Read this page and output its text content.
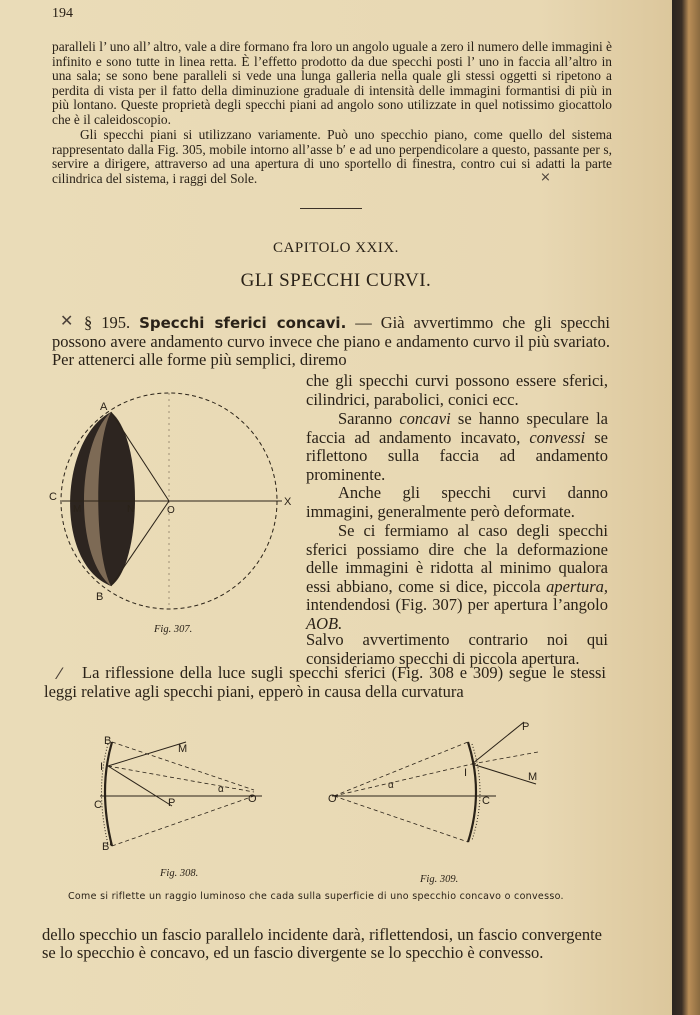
194

paralleli l’ uno all’ altro, vale a dire formano fra loro un angolo uguale a zero il numero delle immagini è infinito e sono tutte in linea retta. È l’effetto prodotto da due specchi posti l’ uno in faccia all’altro in una sala; se sono bene paralleli si vede una lunga galleria nella quale gli stessi oggetti si ripetono a perdita di vista per il fatto della diminuzione graduale di intensità delle immagini formantisi di più in più lontano. Queste proprietà degli specchi piani ad angolo sono utilizzate in quel notissimo giocattolo che è il caleidoscopio.

Gli specchi piani si utilizzano variamente. Può uno specchio piano, come quello del sistema rappresentato dalla Fig. 305, mobile intorno all’asse b′ e ad uno perpendicolare a questo, passante per s, servire a dirigere, attraverso ad una apertura di uno sportello di finestra, contro cui si adatti la parte cilindrica del sistema, i raggi del Sole.	⨯
CAPITOLO XXIX.
GLI SPECCHI CURVI.
✕ § 195. Specchi sferici concavi. — Già avvertimmo che gli specchi possono avere andamento curvo invece che piano e andamento curvo il più svariato. Per attenerci alle forme più semplici, diremo

che gli specchi curvi possono essere sferici, cilindrici, parabolici, conici ecc.

Saranno concavi se hanno speculare la faccia ad andamento incavato, convessi se riflettono sulla faccia ad andamento prominente.

Anche gli specchi curvi danno immagini, generalmente però deformate.

Se ci fermiamo al caso degli specchi sferici possiamo dire che la deformazione delle immagini è ridotta al minimo qualora essi abbiano, come si dice, piccola apertura, intendendosi (Fig. 307) per apertura l’angolo AOB.

Salvo avvertimento contrario noi qui consideriamo specchi di piccola apertura.

⁄	La riflessione della luce sugli specchi sferici (Fig. 308 e 309) segue le stessi leggi relative agli specchi piani, epperò in causa della curvatura

A
B
C
M	N	O
X
Fig. 307.
B
I
M
C	P
α
O
B′
Fig. 308.
O
α
I
C
P
M
Fig. 309.
Come si riflette un raggio luminoso che cada sulla superficie di uno specchio concavo o convesso.

dello specchio un fascio parallelo incidente darà, riflettendosi, un fascio convergente se lo specchio è concavo, ed un fascio divergente se lo specchio è convesso.
